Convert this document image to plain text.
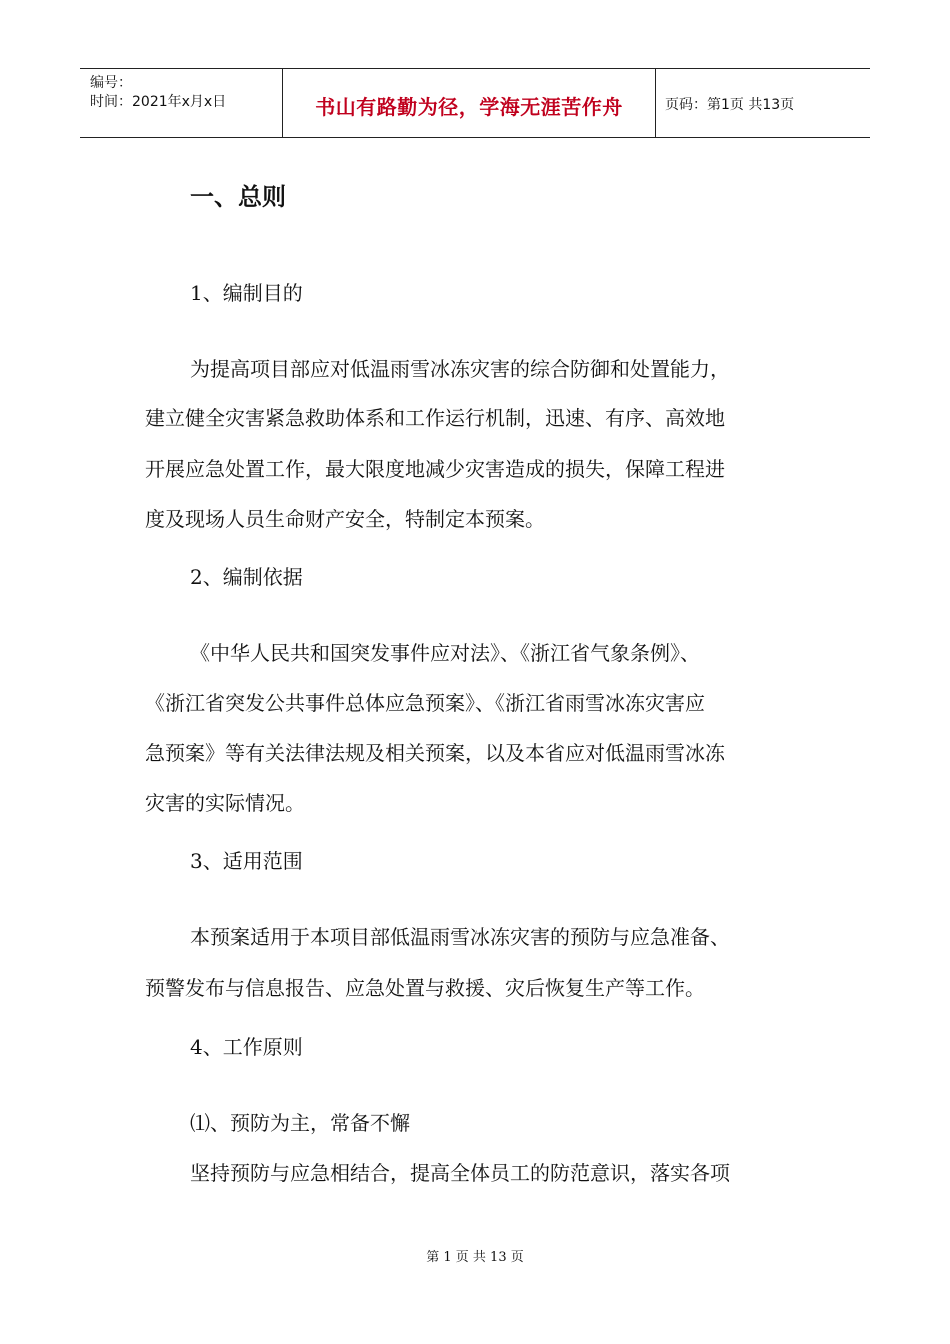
编号：
时间：2021年x月x日	书山有路勤为径，学海无涯苦作舟	页码：第1页 共13页
一、总则
1、编制目的
为提高项目部应对低温雨雪冰冻灾害的综合防御和处置能力，
建立健全灾害紧急救助体系和工作运行机制，迅速、有序、高效地
开展应急处置工作，最大限度地减少灾害造成的损失，保障工程进
度及现场人员生命财产安全，特制定本预案。
2、编制依据
《中华人民共和国突发事件应对法》、《浙江省气象条例》、
《浙江省突发公共事件总体应急预案》、《浙江省雨雪冰冻灾害应
急预案》等有关法律法规及相关预案，以及本省应对低温雨雪冰冻
灾害的实际情况。
3、适用范围
本预案适用于本项目部低温雨雪冰冻灾害的预防与应急准备、
预警发布与信息报告、应急处置与救援、灾后恢复生产等工作。
4、工作原则
⑴、预防为主，常备不懈
坚持预防与应急相结合，提高全体员工的防范意识，落实各项
第 1 页 共 13 页
